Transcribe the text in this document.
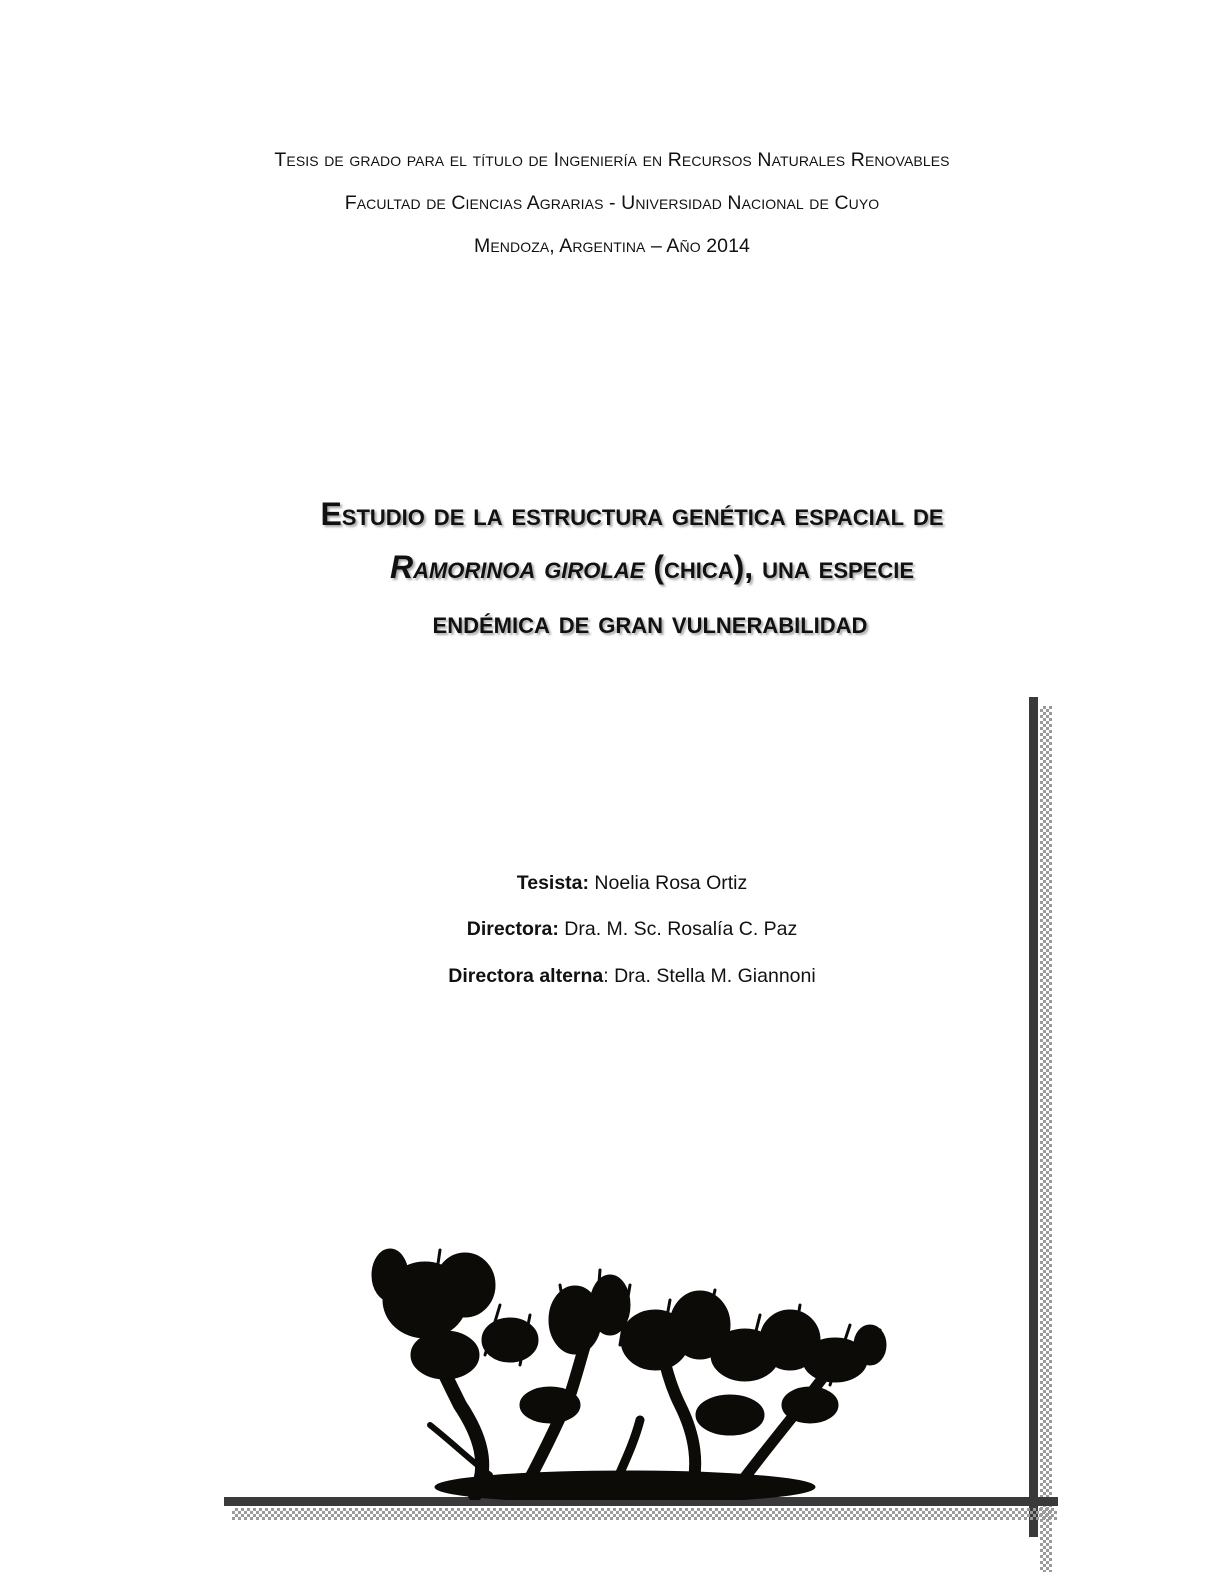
Tesis de grado para el título de Ingeniería en Recursos Naturales Renovables
Facultad de Ciencias Agrarias - Universidad Nacional de Cuyo
Mendoza, Argentina – Año 2014
Estudio de la estructura genética espacial de
Ramorinoa girolae (chica), una especie
endémica de gran vulnerabilidad
Tesista: Noelia Rosa Ortiz
Directora: Dra. M. Sc. Rosalía C. Paz
Directora alterna: Dra. Stella M. Giannoni
